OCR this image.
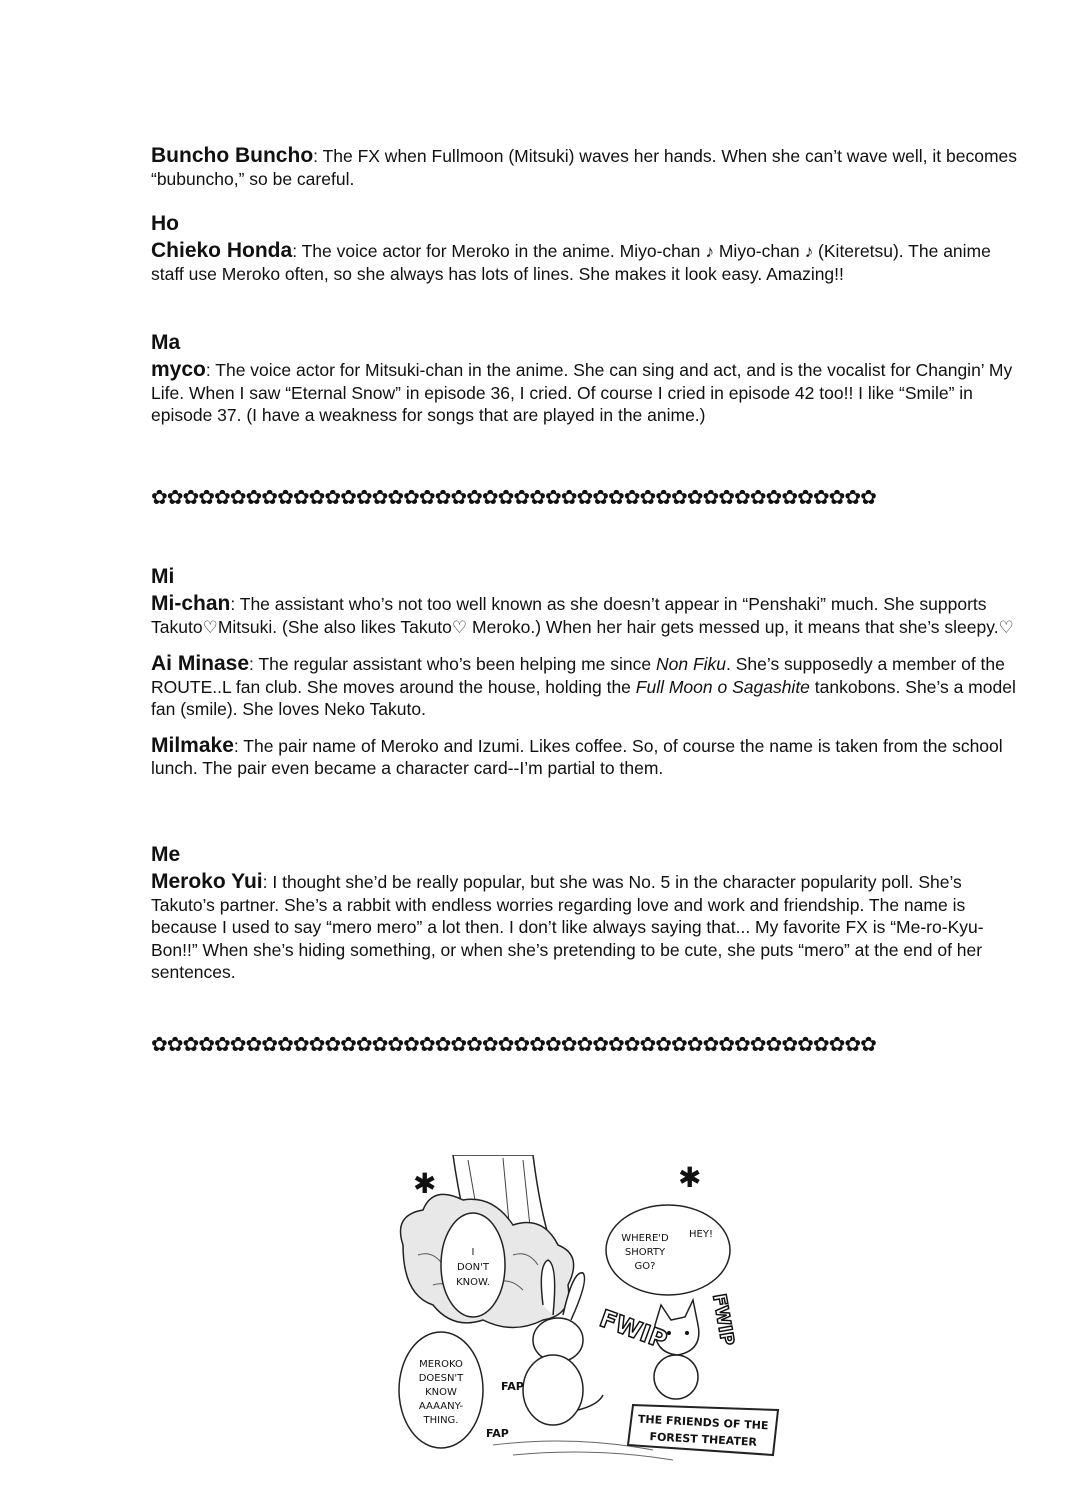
Buncho Buncho: The FX when Fullmoon (Mitsuki) waves her hands. When she can’t wave well, it becomes “bubuncho,” so be careful.

Ho

Chieko Honda: The voice actor for Meroko in the anime. Miyo-chan ♪ Miyo-chan ♪ (Kiteretsu). The anime staff use Meroko often, so she always has lots of lines. She makes it look easy. Amazing!!

Ma

myco: The voice actor for Mitsuki-chan in the anime. She can sing and act, and is the vocalist for Changin’ My Life. When I saw “Eternal Snow” in episode 36, I cried. Of course I cried in episode 42 too!! I like “Smile” in episode 37. (I have a weakness for songs that are played in the anime.)

✿✿✿✿✿✿✿✿✿✿✿✿✿✿✿✿✿✿✿✿✿✿✿✿✿✿✿✿✿✿✿✿✿✿✿✿✿✿✿✿✿✿✿✿✿✿

Mi

Mi-chan: The assistant who’s not too well known as she doesn’t appear in “Penshaki” much. She supports Takuto♡Mitsuki. (She also likes Takuto♡ Meroko.) When her hair gets messed up, it means that she’s sleepy.♡

Ai Minase: The regular assistant who’s been helping me since Non Fiku. She’s supposedly a member of the ROUTE..L fan club. She moves around the house, holding the Full Moon o Sagashite tankobons. She’s a model fan (smile). She loves Neko Takuto.

Milmake: The pair name of Meroko and Izumi. Likes coffee. So, of course the name is taken from the school lunch. The pair even became a character card--I’m partial to them.

Me

Meroko Yui: I thought she’d be really popular, but she was No. 5 in the character popularity poll. She’s Takuto’s partner. She’s a rabbit with endless worries regarding love and work and friendship. The name is because I used to say “mero mero” a lot then. I don’t like always saying that... My favorite FX is “Me-ro-Kyu-Bon!!” When she’s hiding something, or when she’s pretending to be cute, she puts “mero” at the end of her sentences.

✿✿✿✿✿✿✿✿✿✿✿✿✿✿✿✿✿✿✿✿✿✿✿✿✿✿✿✿✿✿✿✿✿✿✿✿✿✿✿✿✿✿✿✿✿✿
✱	✱
I
DON'T
KNOW.
WHERE'D
SHORTY
GO?
HEY!
MEROKO
DOESN'T
KNOW
AAAANY-
THING.
FAP
FAP
FWIP FWIP
THE FRIENDS OF THE
FOREST THEATER
